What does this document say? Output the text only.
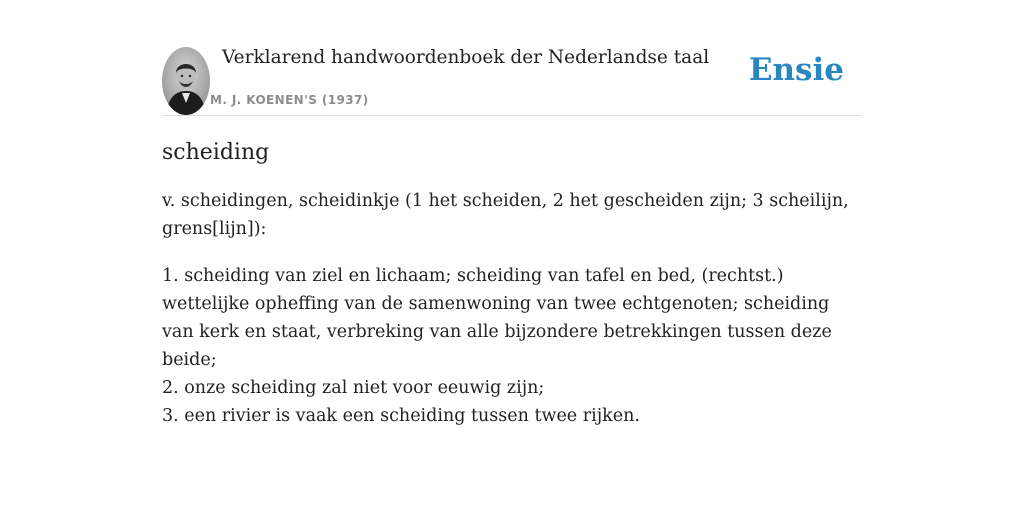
Verklarend handwoordenboek der Nederlandse taal
M. J. KOENEN'S (1937)
Ensie
scheiding
v. scheidingen, scheidinkje (1 het scheiden, 2 het gescheiden zijn; 3 scheilijn, grens[lijn]):
1. scheiding van ziel en lichaam; scheiding van tafel en bed, (rechtst.) wettelijke opheffing van de samenwoning van twee echtgenoten; scheiding van kerk en staat, verbreking van alle bijzondere betrekkingen tussen deze beide;
2. onze scheiding zal niet voor eeuwig zijn;
3. een rivier is vaak een scheiding tussen twee rijken.
